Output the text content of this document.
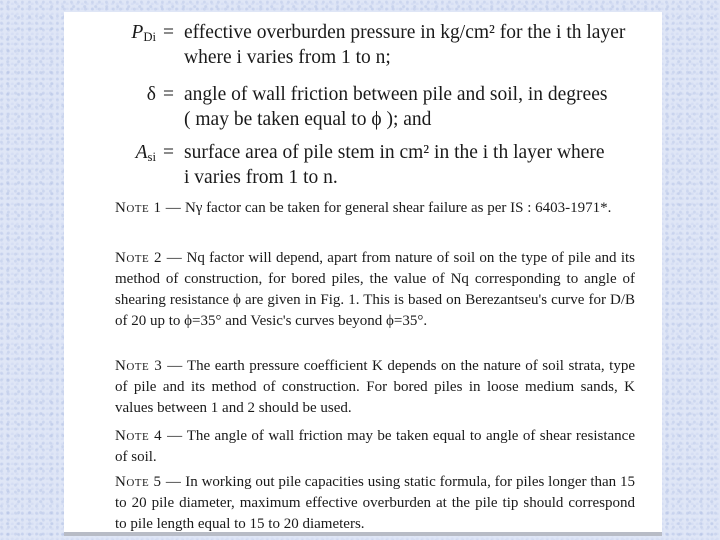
$P_{Di}$ = effective overburden pressure in kg/cm² for the i th layer
where i varies from 1 to n;
δ = angle of wall friction between pile and soil, in degrees
( may be taken equal to ϕ ); and
$A_{si}$ = surface area of pile stem in cm² in the i th layer where
i varies from 1 to n.
Note 1 — Nγ factor can be taken for general shear failure as per IS : 6403-1971*.
Note 2 — Nq factor will depend, apart from nature of soil on the type of pile and its method of construction, for bored piles, the value of Nq corresponding to angle of shearing resistance ϕ are given in Fig. 1. This is based on Berezantseu's curve for D/B of 20 up to ϕ=35° and Vesic's curves beyond ϕ=35°.
Note 3 — The earth pressure coefficient K depends on the nature of soil strata, type of pile and its method of construction. For bored piles in loose medium sands, K values between 1 and 2 should be used.
Note 4 — The angle of wall friction may be taken equal to angle of shear resistance of soil.
Note 5 — In working out pile capacities using static formula, for piles longer than 15 to 20 pile diameter, maximum effective overburden at the pile tip should correspond to pile length equal to 15 to 20 diameters.
